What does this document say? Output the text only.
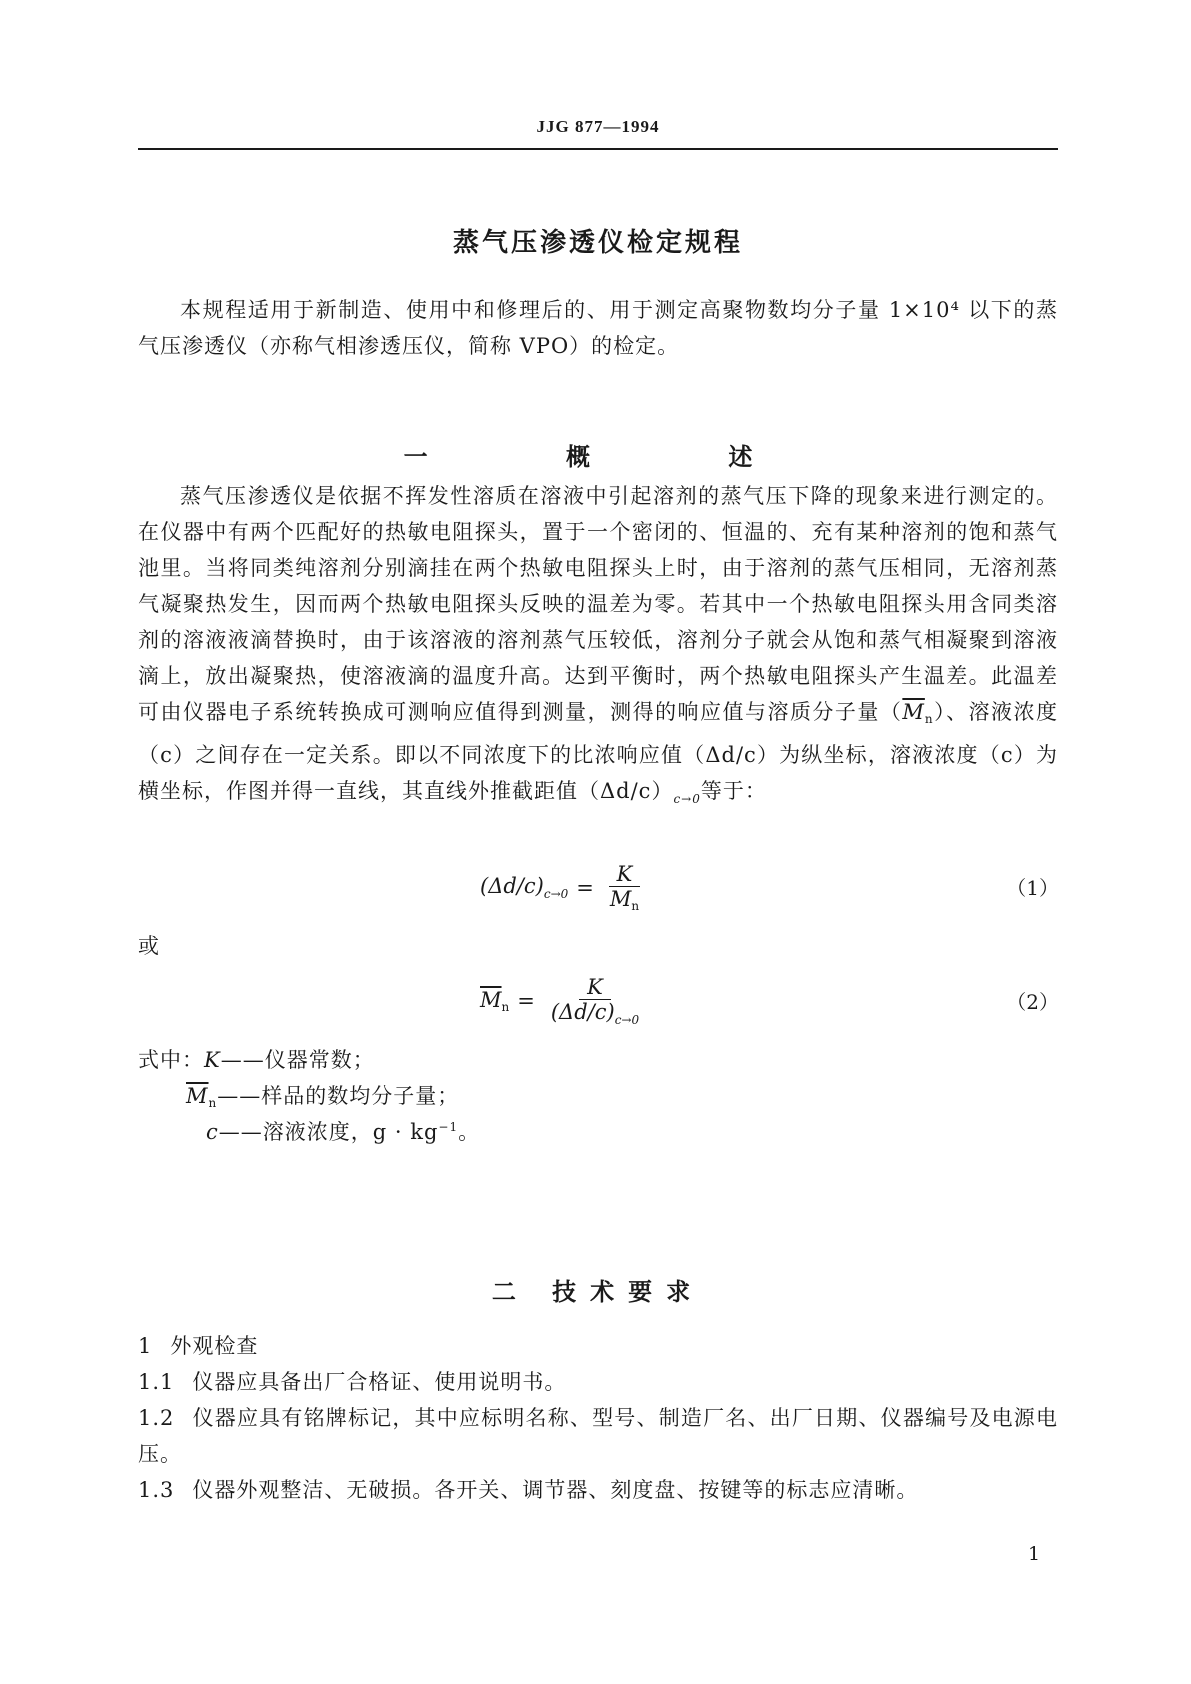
JJG 877—1994
蒸气压渗透仪检定规程
本规程适用于新制造、使用中和修理后的、用于测定高聚物数均分子量 1×10⁴ 以下的蒸气压渗透仪（亦称气相渗透压仪，简称 VPO）的检定。
一 概 述
蒸气压渗透仪是依据不挥发性溶质在溶液中引起溶剂的蒸气压下降的现象来进行测定的。在仪器中有两个匹配好的热敏电阻探头，置于一个密闭的、恒温的、充有某种溶剂的饱和蒸气池里。当将同类纯溶剂分别滴挂在两个热敏电阻探头上时，由于溶剂的蒸气压相同，无溶剂蒸气凝聚热发生，因而两个热敏电阻探头反映的温差为零。若其中一个热敏电阻探头用含同类溶剂的溶液液滴替换时，由于该溶液的溶剂蒸气压较低，溶剂分子就会从饱和蒸气相凝聚到溶液滴上，放出凝聚热，使溶液滴的温度升高。达到平衡时，两个热敏电阻探头产生温差。此温差可由仪器电子系统转换成可测响应值得到测量，测得的响应值与溶质分子量$(\overline{M}_n)$、溶液浓度（c）之间存在一定关系。即以不同浓度下的比浓响应值（Δd/c）为纵坐标，溶液浓度（c）为横坐标，作图并得一直线，其直线外推截距值$(\Delta d/c)_{c\to 0}$等于：
$(\Delta d/c)_{c\to 0} = \frac{K}{M_n}$	（1）
或
$\overline{M}_n = \frac{K}{(\Delta d/c)_{c\to 0}}$	（2）
式中：K——仪器常数；
$\overline{M}_n——$样品的数均分子量；
c——溶液浓度，$g \cdot kg^{-1}$。
二 技术要求
1 外观检查
1.1 仪器应具备出厂合格证、使用说明书。
1.2 仪器应具有铭牌标记，其中应标明名称、型号、制造厂名、出厂日期、仪器编号及电源电压。
1.3 仪器外观整洁、无破损。各开关、调节器、刻度盘、按键等的标志应清晰。
1
